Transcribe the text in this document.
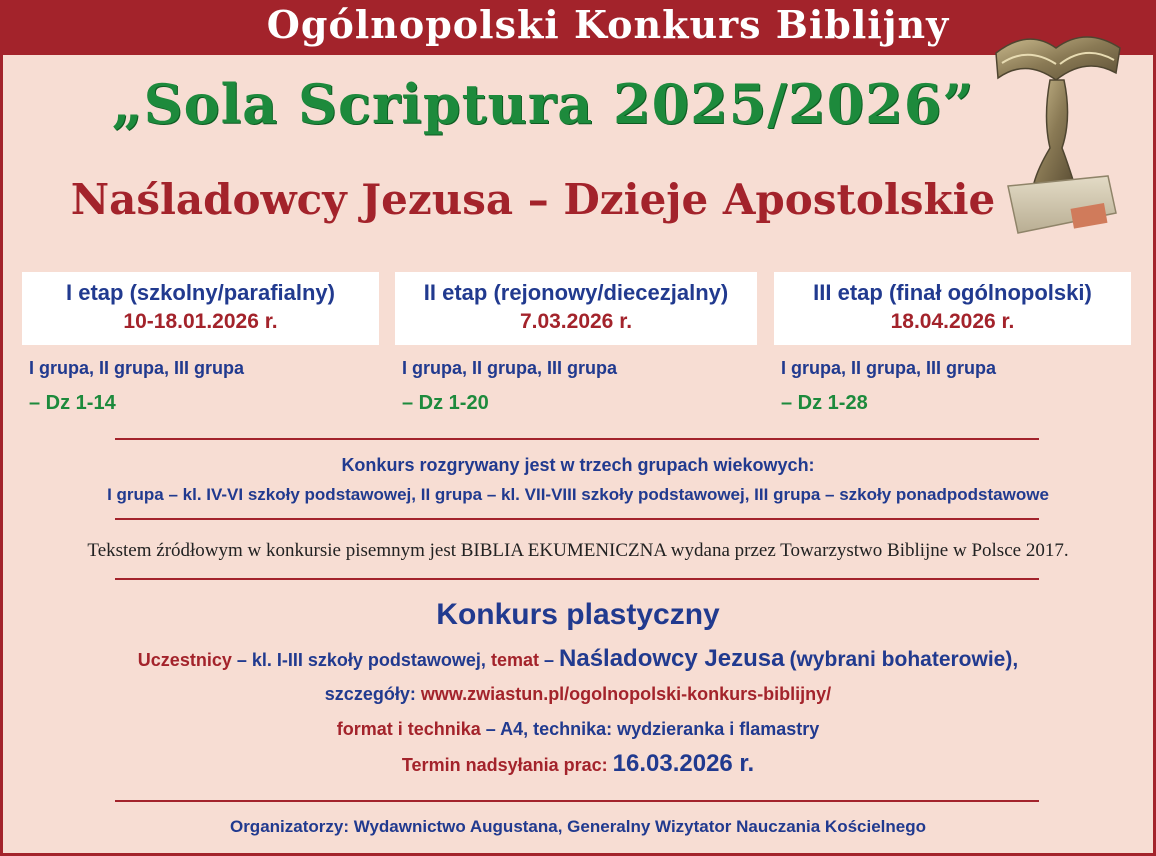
Ogólnopolski Konkurs Biblijny
„Sola Scriptura 2025/2026”
Naśladowcy Jezusa – Dzieje Apostolskie
I etap (szkolny/parafialny)
10-18.01.2026 r.
I grupa, II grupa, III grupa
– Dz 1-14
II etap (rejonowy/diecezjalny)
7.03.2026 r.
I grupa, II grupa, III grupa
– Dz 1-20
III etap (finał ogólnopolski)
18.04.2026 r.
I grupa, II grupa, III grupa
– Dz 1-28
Konkurs rozgrywany jest w trzech grupach wiekowych:
I grupa – kl. IV-VI szkoły podstawowej, II grupa – kl. VII-VIII szkoły podstawowej, III grupa – szkoły ponadpodstawowe
Tekstem źródłowym w konkursie pisemnym jest BIBLIA EKUMENICZNA wydana przez Towarzystwo Biblijne w Polsce 2017.
Konkurs plastyczny
Uczestnicy – kl. I-III szkoły podstawowej, temat – Naśladowcy Jezusa (wybrani bohaterowie),
szczegóły: www.zwiastun.pl/ogolnopolski-konkurs-biblijny/
format i technika – A4, technika: wydzieranka i flamastry
Termin nadsyłania prac: 16.03.2026 r.
Organizatorzy: Wydawnictwo Augustana, Generalny Wizytator Nauczania Kościelnego
